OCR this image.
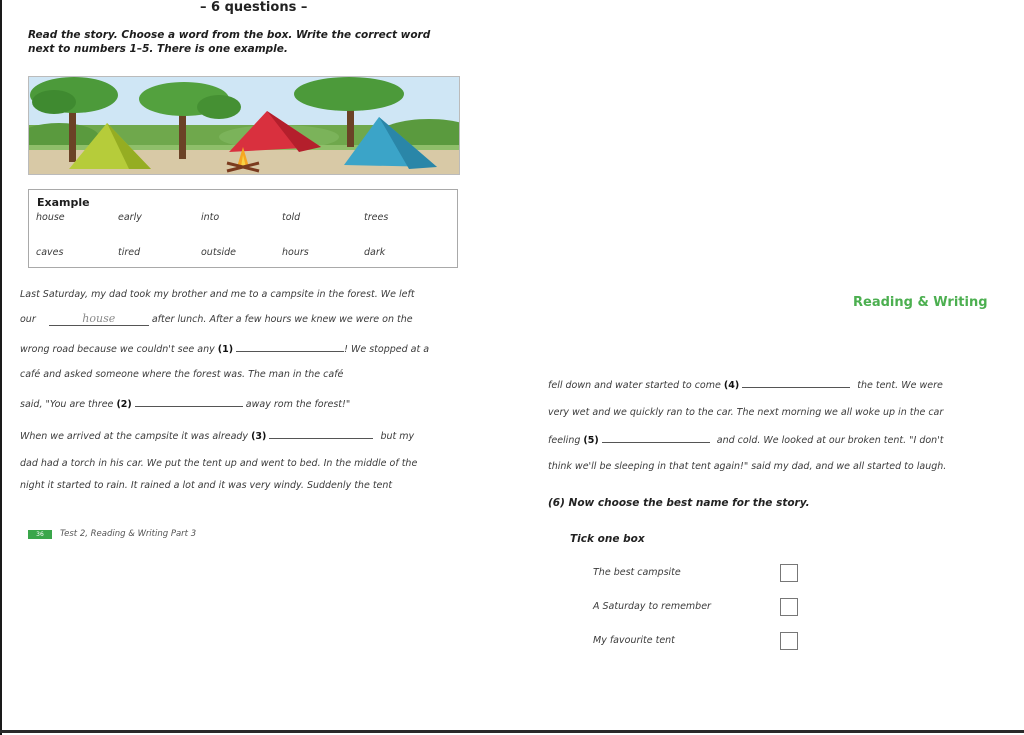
– 6 questions –
Read the story. Choose a word from the box. Write the correct word next to numbers 1–5. There is one example.
Example
house	early	into	told	trees
caves	tired	outside	hours	dark
Last Saturday, my dad took my brother and me to a campsite in the forest. We left
our	house	after lunch. After a few hours we knew we were on the
wrong road because we couldn't see any (1)	! We stopped at a
café and asked someone where the forest was. The man in the café
said, "You are three (2)	away rom the forest!"
When we arrived at the campsite it was already (3)	but my
dad had a torch in his car. We put the tent up and went to bed. In the middle of the
night it started to rain. It rained a lot and it was very windy. Suddenly the tent
36	Test 2, Reading & Writing Part 3
Reading & Writing
fell down and water started to come (4)	the tent. We were
very wet and we quickly ran to the car. The next morning we all woke up in the car
feeling (5)	and cold. We looked at our broken tent. "I don't
think we'll be sleeping in that tent again!" said my dad, and we all started to laugh.
(6) Now choose the best name for the story.
Tick one box
The best campsite
A Saturday to remember
My favourite tent
